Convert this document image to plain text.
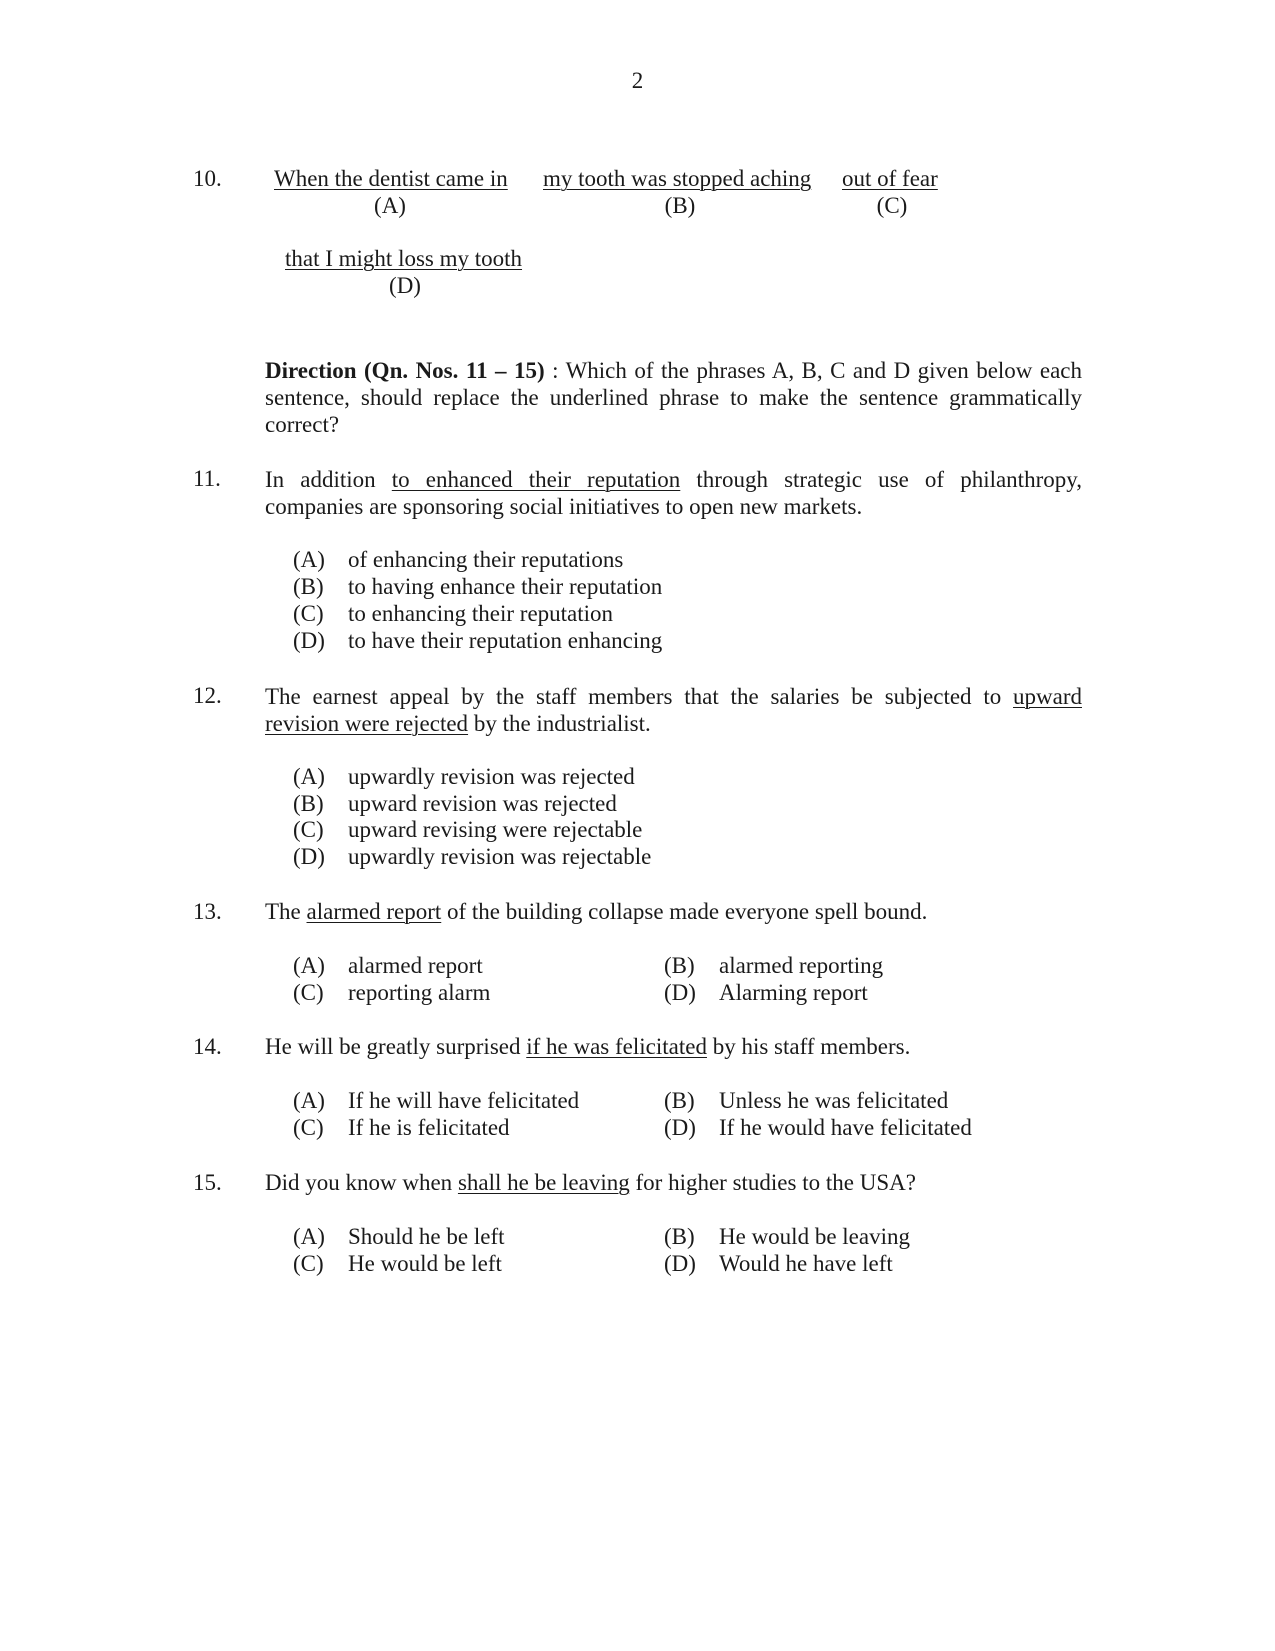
2
10. When the dentist came in
(A)
my tooth was stopped aching
(B)
out of fear
(C)
that I might loss my tooth
(D)
Direction (Qn. Nos. 11 – 15) : Which of the phrases A, B, C and D given below each sentence, should replace the underlined phrase to make the sentence grammatically correct?
11. In addition to enhanced their reputation through strategic use of philanthropy, companies are sponsoring social initiatives to open new markets.
(A) of enhancing their reputations
(B) to having enhance their reputation
(C) to enhancing their reputation
(D) to have their reputation enhancing
12. The earnest appeal by the staff members that the salaries be subjected to upward revision were rejected by the industrialist.
(A) upwardly revision was rejected
(B) upward revision was rejected
(C) upward revising were rejectable
(D) upwardly revision was rejectable
13. The alarmed report of the building collapse made everyone spell bound.
(A) alarmed report	(B) alarmed reporting
(C) reporting alarm	(D) Alarming report
14. He will be greatly surprised if he was felicitated by his staff members.
(A) If he will have felicitated	(B) Unless he was felicitated
(C) If he is felicitated	(D) If he would have felicitated
15. Did you know when shall he be leaving for higher studies to the USA?
(A) Should he be left	(B) He would be leaving
(C) He would be left	(D) Would he have left
